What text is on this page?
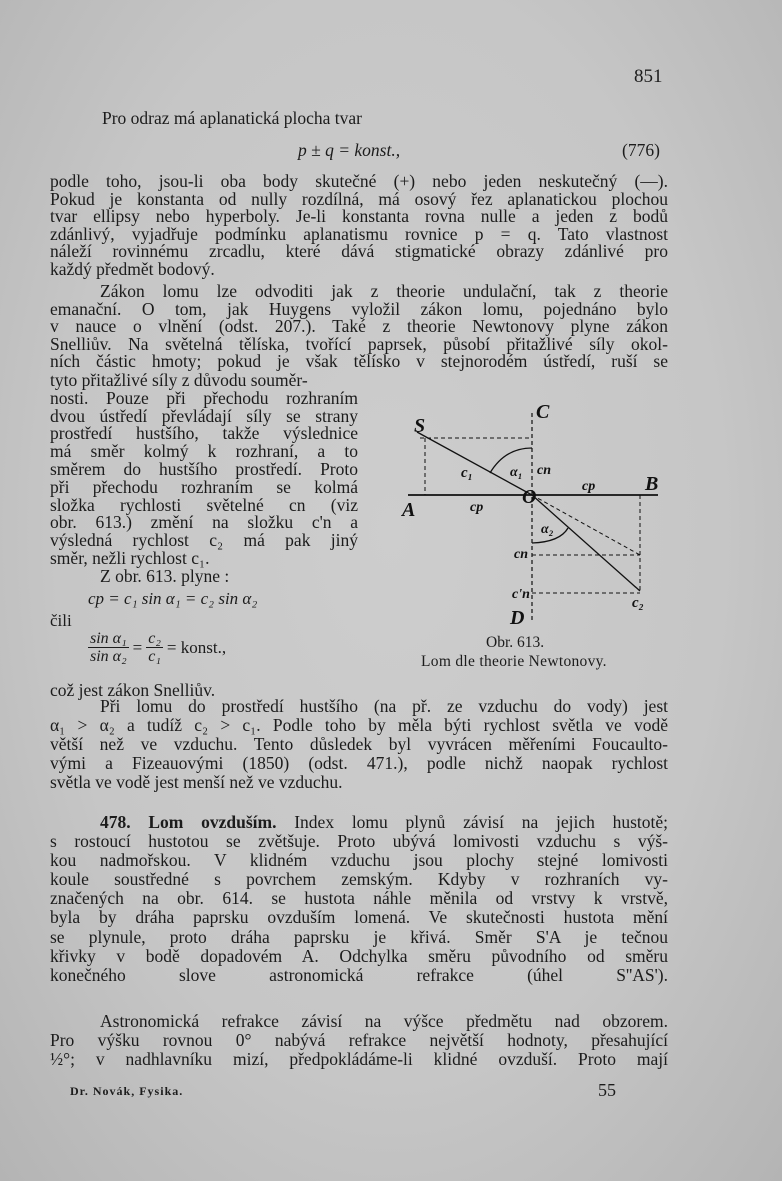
851
Pro odraz má aplanatická plocha tvar
p ± q = konst.,	(776)
podle toho, jsou-li oba body skutečné (+) nebo jeden neskutečný (—).
Pokud je konstanta od nully rozdílná, má osový řez aplanatickou plochou
tvar ellipsy nebo hyperboly. Je-li konstanta rovna nulle a jeden z bodů
zdánlivý, vyjadřuje podmínku aplanatismu rovnice p = q. Tato vlastnost
náleží rovinnému zrcadlu, které dává stigmatické obrazy zdánlivé pro
každý předmět bodový.
Zákon lomu lze odvoditi jak z theorie undulační, tak z theorie
emanační. O tom, jak Huygens vyložil zákon lomu, pojednáno bylo
v nauce o vlnění (odst. 207.). Také z theorie Newtonovy plyne zákon
Snelliův. Na světelná tělíska, tvořící paprsek, působí přitažlivé síly okol-
ních částic hmoty; pokud je však tělísko v stejnorodém ústředí, ruší se
tyto přitažlivé síly z důvodu souměr-
nosti. Pouze při přechodu rozhraním
dvou ústředí převládají síly se strany
prostředí hustšího, takže výslednice
má směr kolmý k rozhraní, a to
směrem do hustšího prostředí. Proto
při přechodu rozhraním se kolmá
složka rychlosti světelné cn (viz
obr. 613.) změní na složku c'n a
výsledná rychlost c₂ má pak jiný
směr, nežli rychlost c₁.
Z obr. 613. plyne :
cp = c₁ sin α₁ = c₂ sin α₂
čili
$\frac{\text{sin α₁}}{\text{sin α₂}} = \frac{\text{c₂}}{\text{c₁}}$ = konst.,
což jest zákon Snelliův.
S
C
A
B
O
D
c₁	α₁ cn
cp
cp
α₂
cn
c'n
c₂
Obr. 613.
Lom dle theorie Newtonovy.
Při lomu do prostředí hustšího (na př. ze vzduchu do vody) jest
α₁ > α₂ a tudíž c₂ > c₁. Podle toho by měla býti rychlost světla ve vodě
větší než ve vzduchu. Tento důsledek byl vyvrácen měřeními Foucaulto-
vými a Fizeauovými (1850) (odst. 471.), podle nichž naopak rychlost
světla ve vodě jest menší než ve vzduchu.
478. Lom ovzduším. Index lomu plynů závisí na jejich hustotě;
s rostoucí hustotou se zvětšuje. Proto ubývá lomivosti vzduchu s výš-
kou nadmořskou. V klidném vzduchu jsou plochy stejné lomivosti
koule soustředné s povrchem zemským. Kdyby v rozhraních vy-
značených na obr. 614. se hustota náhle měnila od vrstvy k vrstvě,
byla by dráha paprsku ovzduším lomená. Ve skutečnosti hustota mění
se plynule, proto dráha paprsku je křivá. Směr S'A je tečnou
křivky v bodě dopadovém A. Odchylka směru původního od směru
konečného slove astronomická refrakce (úhel S''AS').
Astronomická refrakce závisí na výšce předmětu nad obzorem.
Pro výšku rovnou 0° nabývá refrakce největší hodnoty, přesahující
½°; v nadhlavníku mizí, předpokládáme-li klidné ovzduší. Proto mají
Dr. Novák, Fysika.	55
